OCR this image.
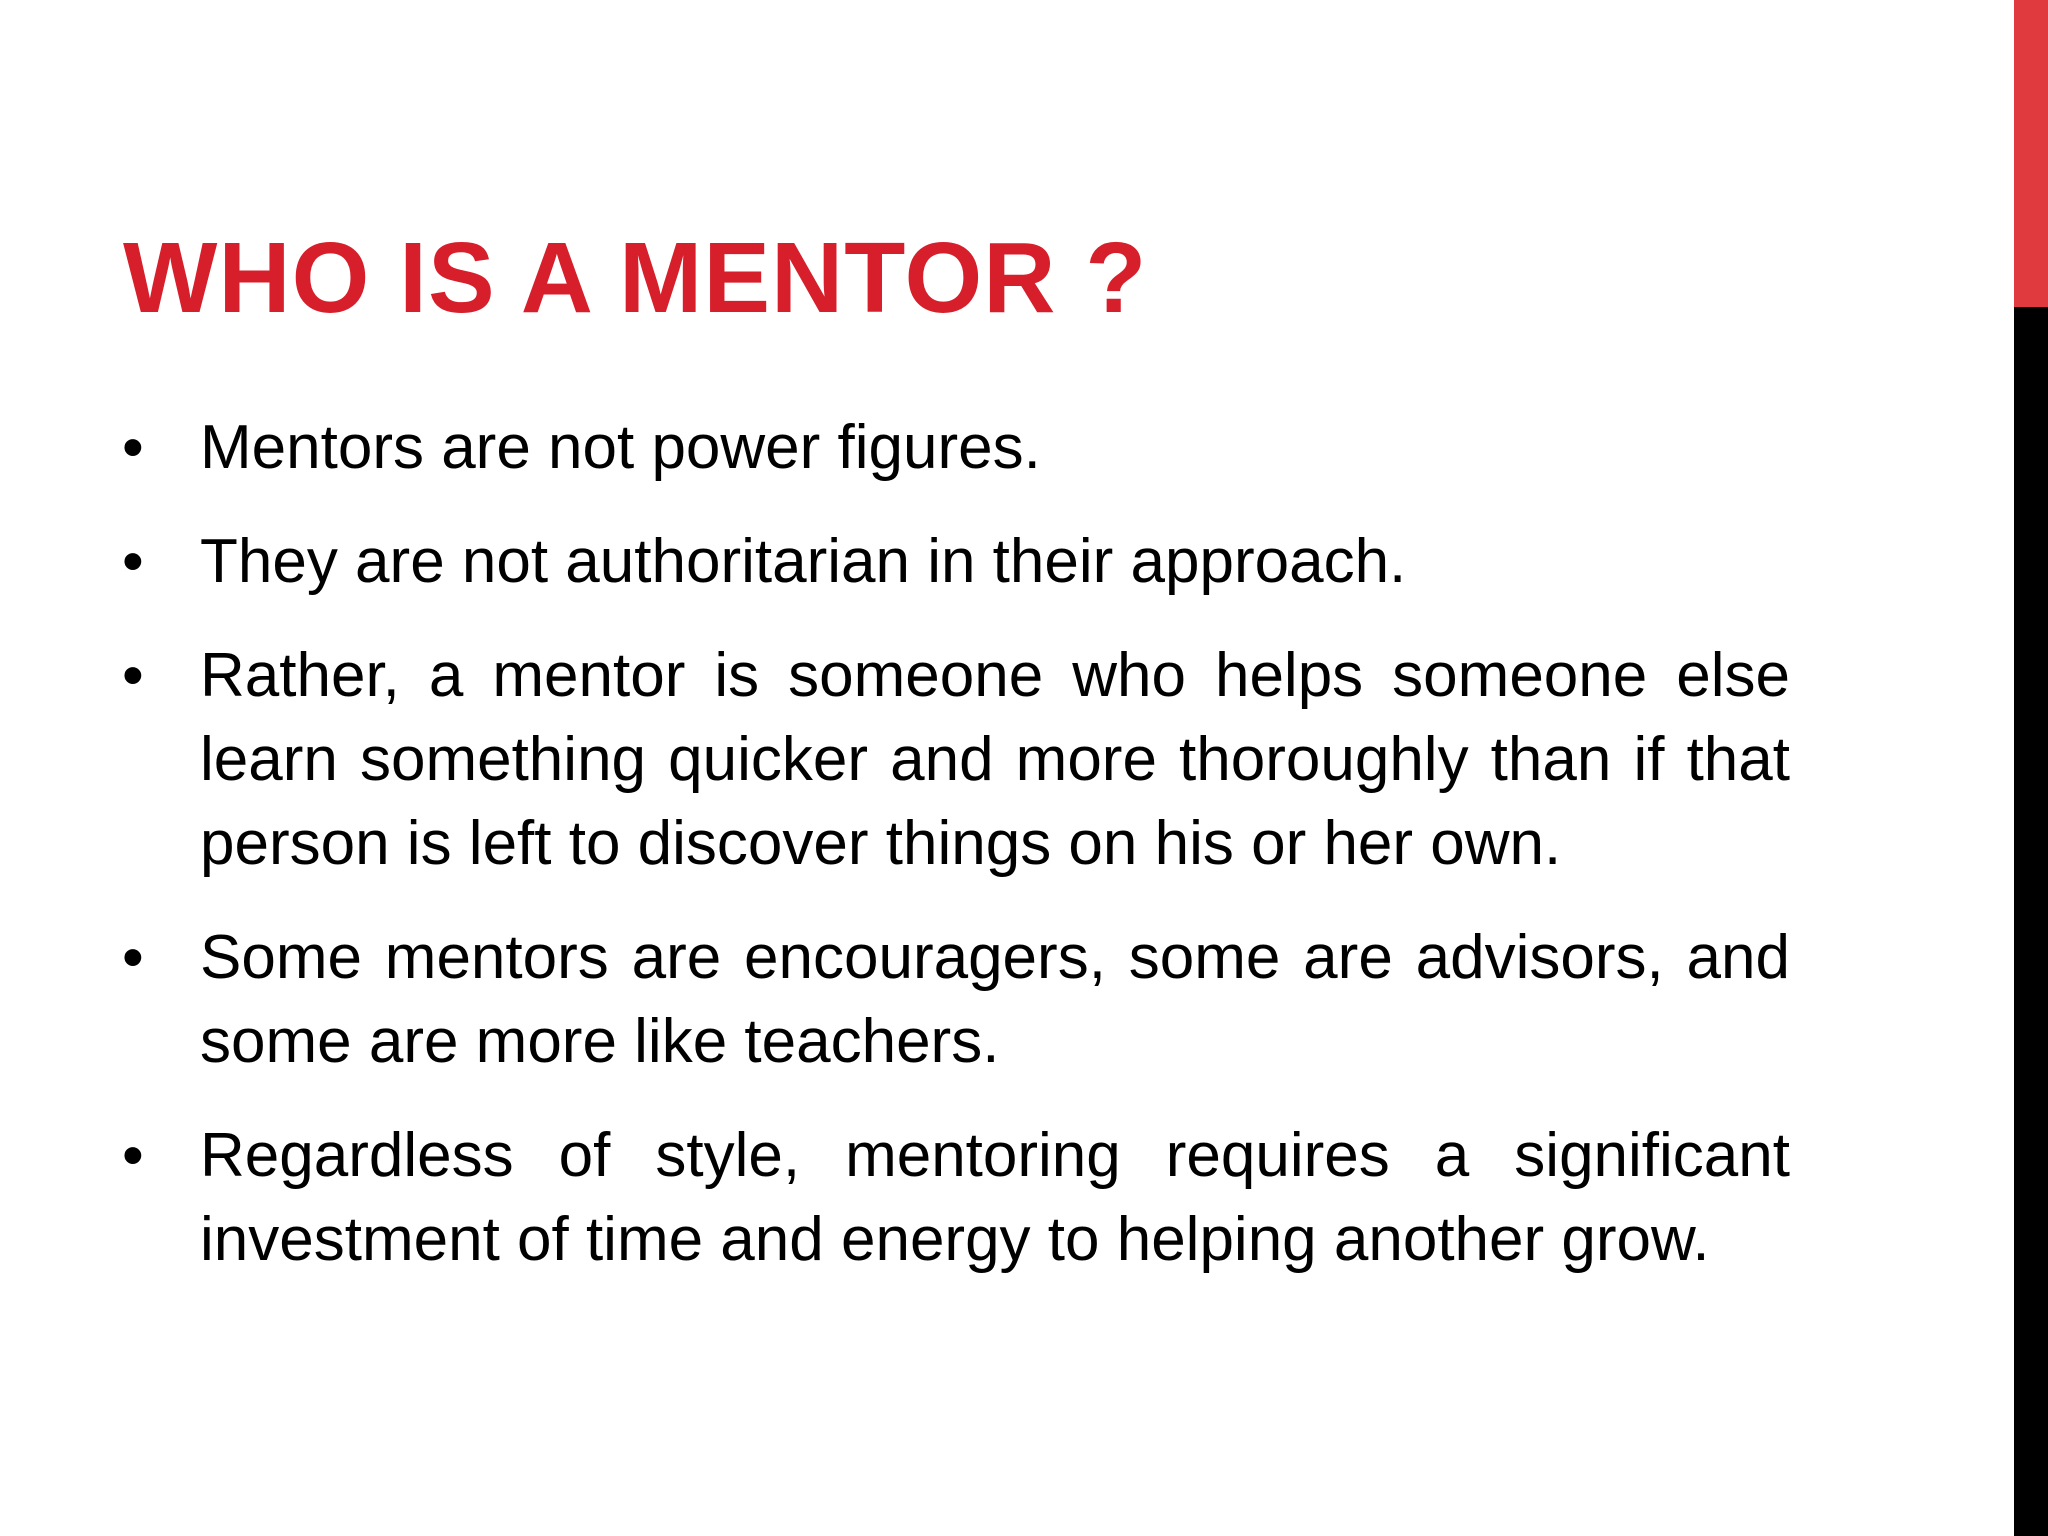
WHO IS A MENTOR ?
• Mentors are not power figures.
• They are not authoritarian in their approach.
• Rather, a mentor is someone who helps someone else learn something quicker and more thoroughly than if that person is left to discover things on his or her own.
• Some mentors are encouragers, some are advisors, and some are more like teachers.
• Regardless of style, mentoring requires a significant investment of time and energy to helping another grow.
